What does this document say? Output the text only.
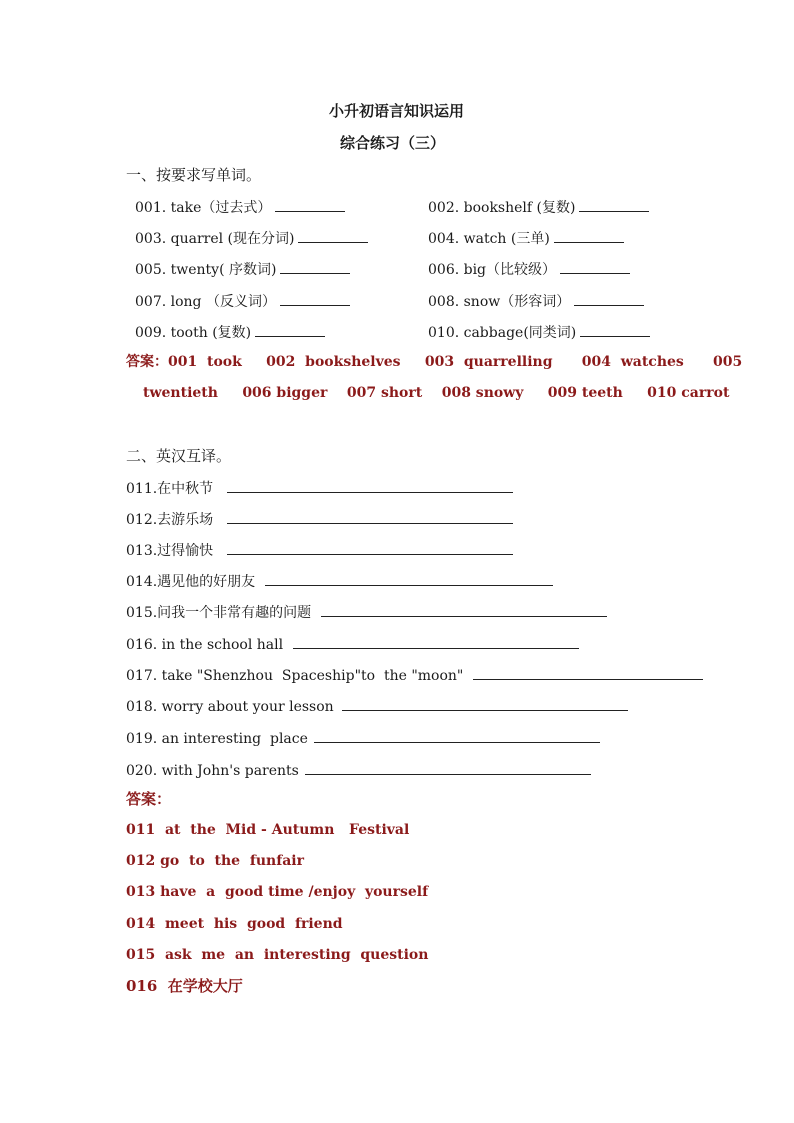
小升初语言知识运用
综合练习（三）
一、按要求写单词。
001. take（过去式）	002. bookshelf (复数)
003. quarrel (现在分词)	004. watch (三单)
005. twenty( 序数词)	006. big（比较级）
007. long （反义词）	008. snow（形容词）
009. tooth (复数)	010. cabbage(同类词)
答案：001  took     002  bookshelves     003  quarrelling      004  watches      005
twentieth     006 bigger    007 short    008 snowy     009 teeth     010 carrot
二、英汉互译。
011.在中秋节
012.去游乐场
013.过得愉快
014.遇见他的好朋友
015.问我一个非常有趣的问题
016. in the school hall
017. take "Shenzhou  Spaceship"to  the "moon"
018. worry about your lesson
019. an interesting  place
020. with John's parents
答案：
011  at  the  Mid - Autumn   Festival
012 go  to  the  funfair
013 have  a  good time /enjoy  yourself
014  meet  his  good  friend
015  ask  me  an  interesting  question
016  在学校大厅
